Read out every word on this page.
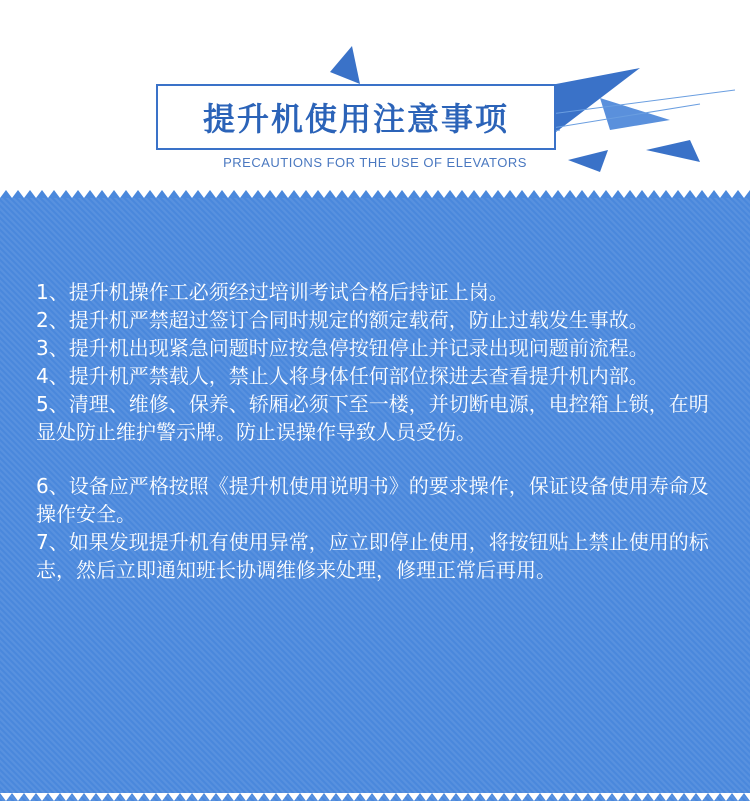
提升机使用注意事项
PRECAUTIONS FOR THE USE OF ELEVATORS

1、提升机操作工必须经过培训考试合格后持证上岗。

2、提升机严禁超过签订合同时规定的额定载荷，防止过载发生事故。

3、提升机出现紧急问题时应按急停按钮停止并记录出现问题前流程。

4、提升机严禁载人，禁止人将身体任何部位探进去查看提升机内部。

5、清理、维修、保养、轿厢必须下至一楼，并切断电源，电控箱上锁，在明显处防止维护警示牌。防止误操作导致人员受伤。

6、设备应严格按照《提升机使用说明书》的要求操作，保证设备使用寿命及操作安全。

7、如果发现提升机有使用异常，应立即停止使用，将按钮贴上禁止使用的标志，然后立即通知班长协调维修来处理，修理正常后再用。
